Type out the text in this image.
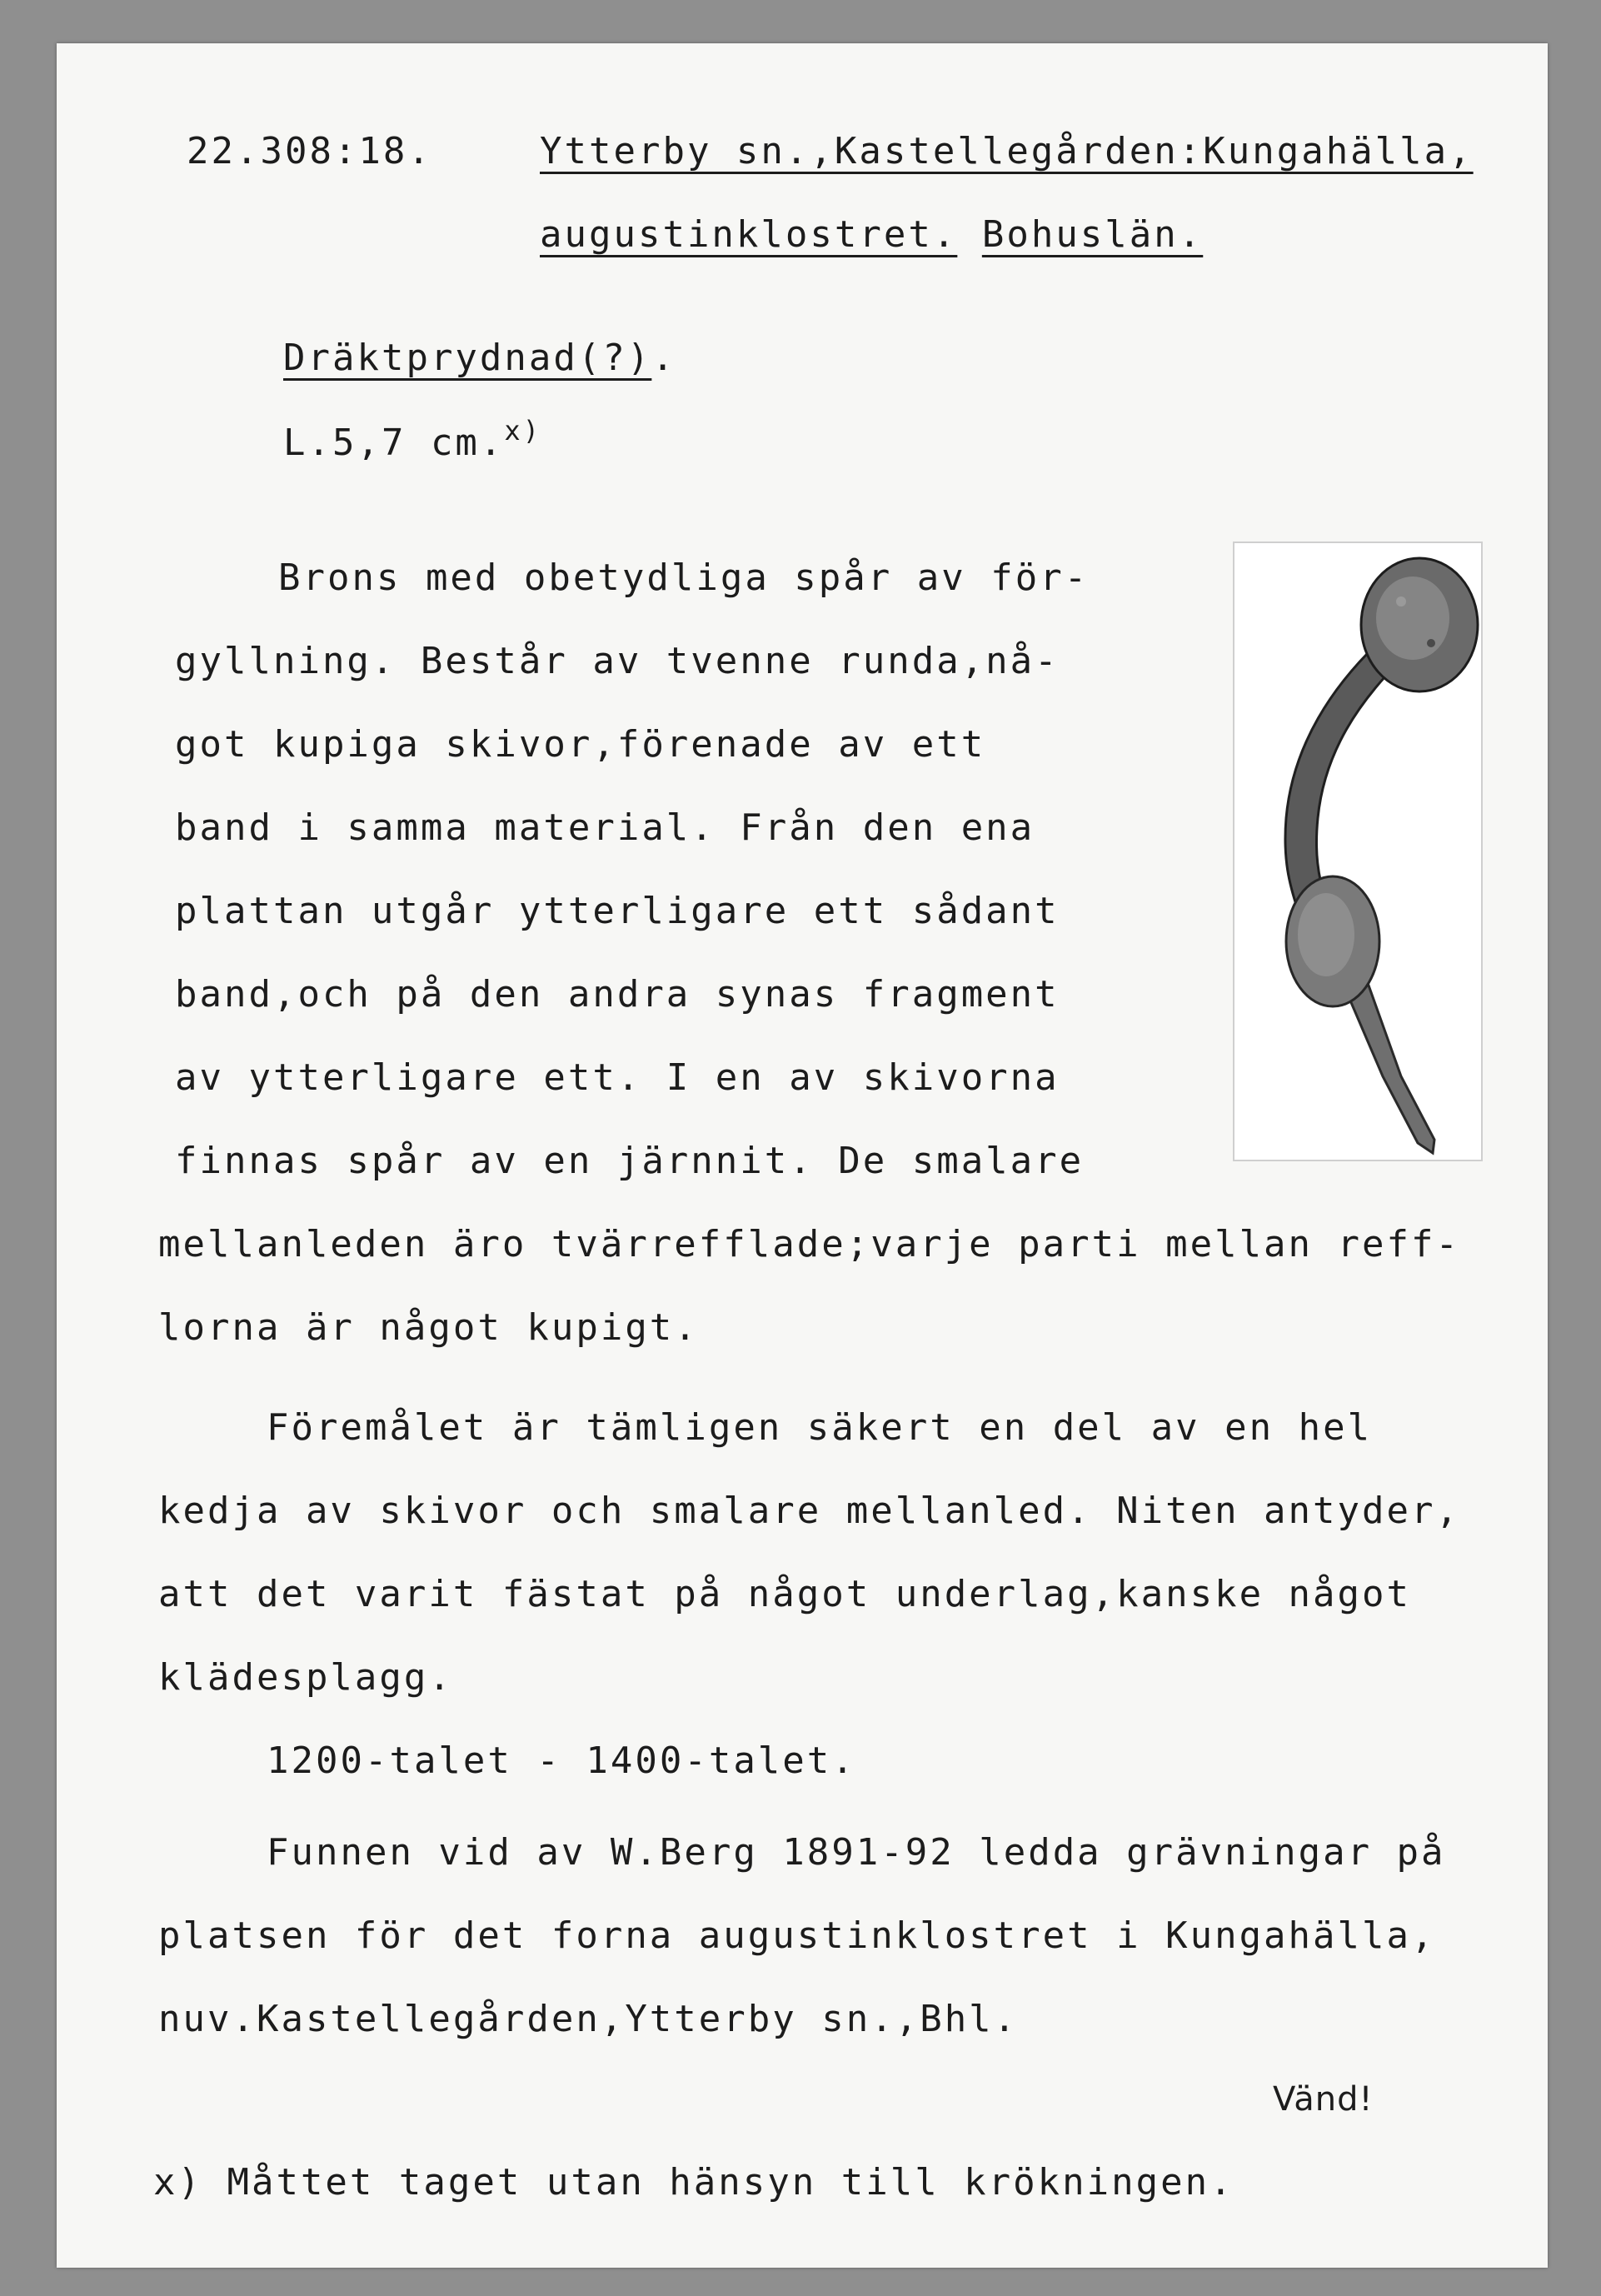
22.308:18.	Ytterby sn.,Kastellegården:Kungahälla,
augustinklostret. Bohuslän.
Dräktprydnad(?).
L.5,7 cm.$^{x)}$
Brons med obetydliga spår av för-
gyllning. Består av tvenne runda,nå-
got kupiga skivor,förenade av ett
band i samma material. Från den ena
plattan utgår ytterligare ett sådant
band,och på den andra synas fragment
av ytterligare ett. I en av skivorna
finnas spår av en järnnit. De smalare
mellanleden äro tvärrefflade;varje parti mellan reff-
lorna är något kupigt.
Föremålet är tämligen säkert en del av en hel
kedja av skivor och smalare mellanled. Niten antyder,
att det varit fästat på något underlag,kanske något
klädesplagg.
1200-talet - 1400-talet.
Funnen vid av W.Berg 1891-92 ledda grävningar på
platsen för det forna augustinklostret i Kungahälla,
nuv.Kastellegården,Ytterby sn.,Bhl.
Vänd!
x) Måttet taget utan hänsyn till krökningen.
